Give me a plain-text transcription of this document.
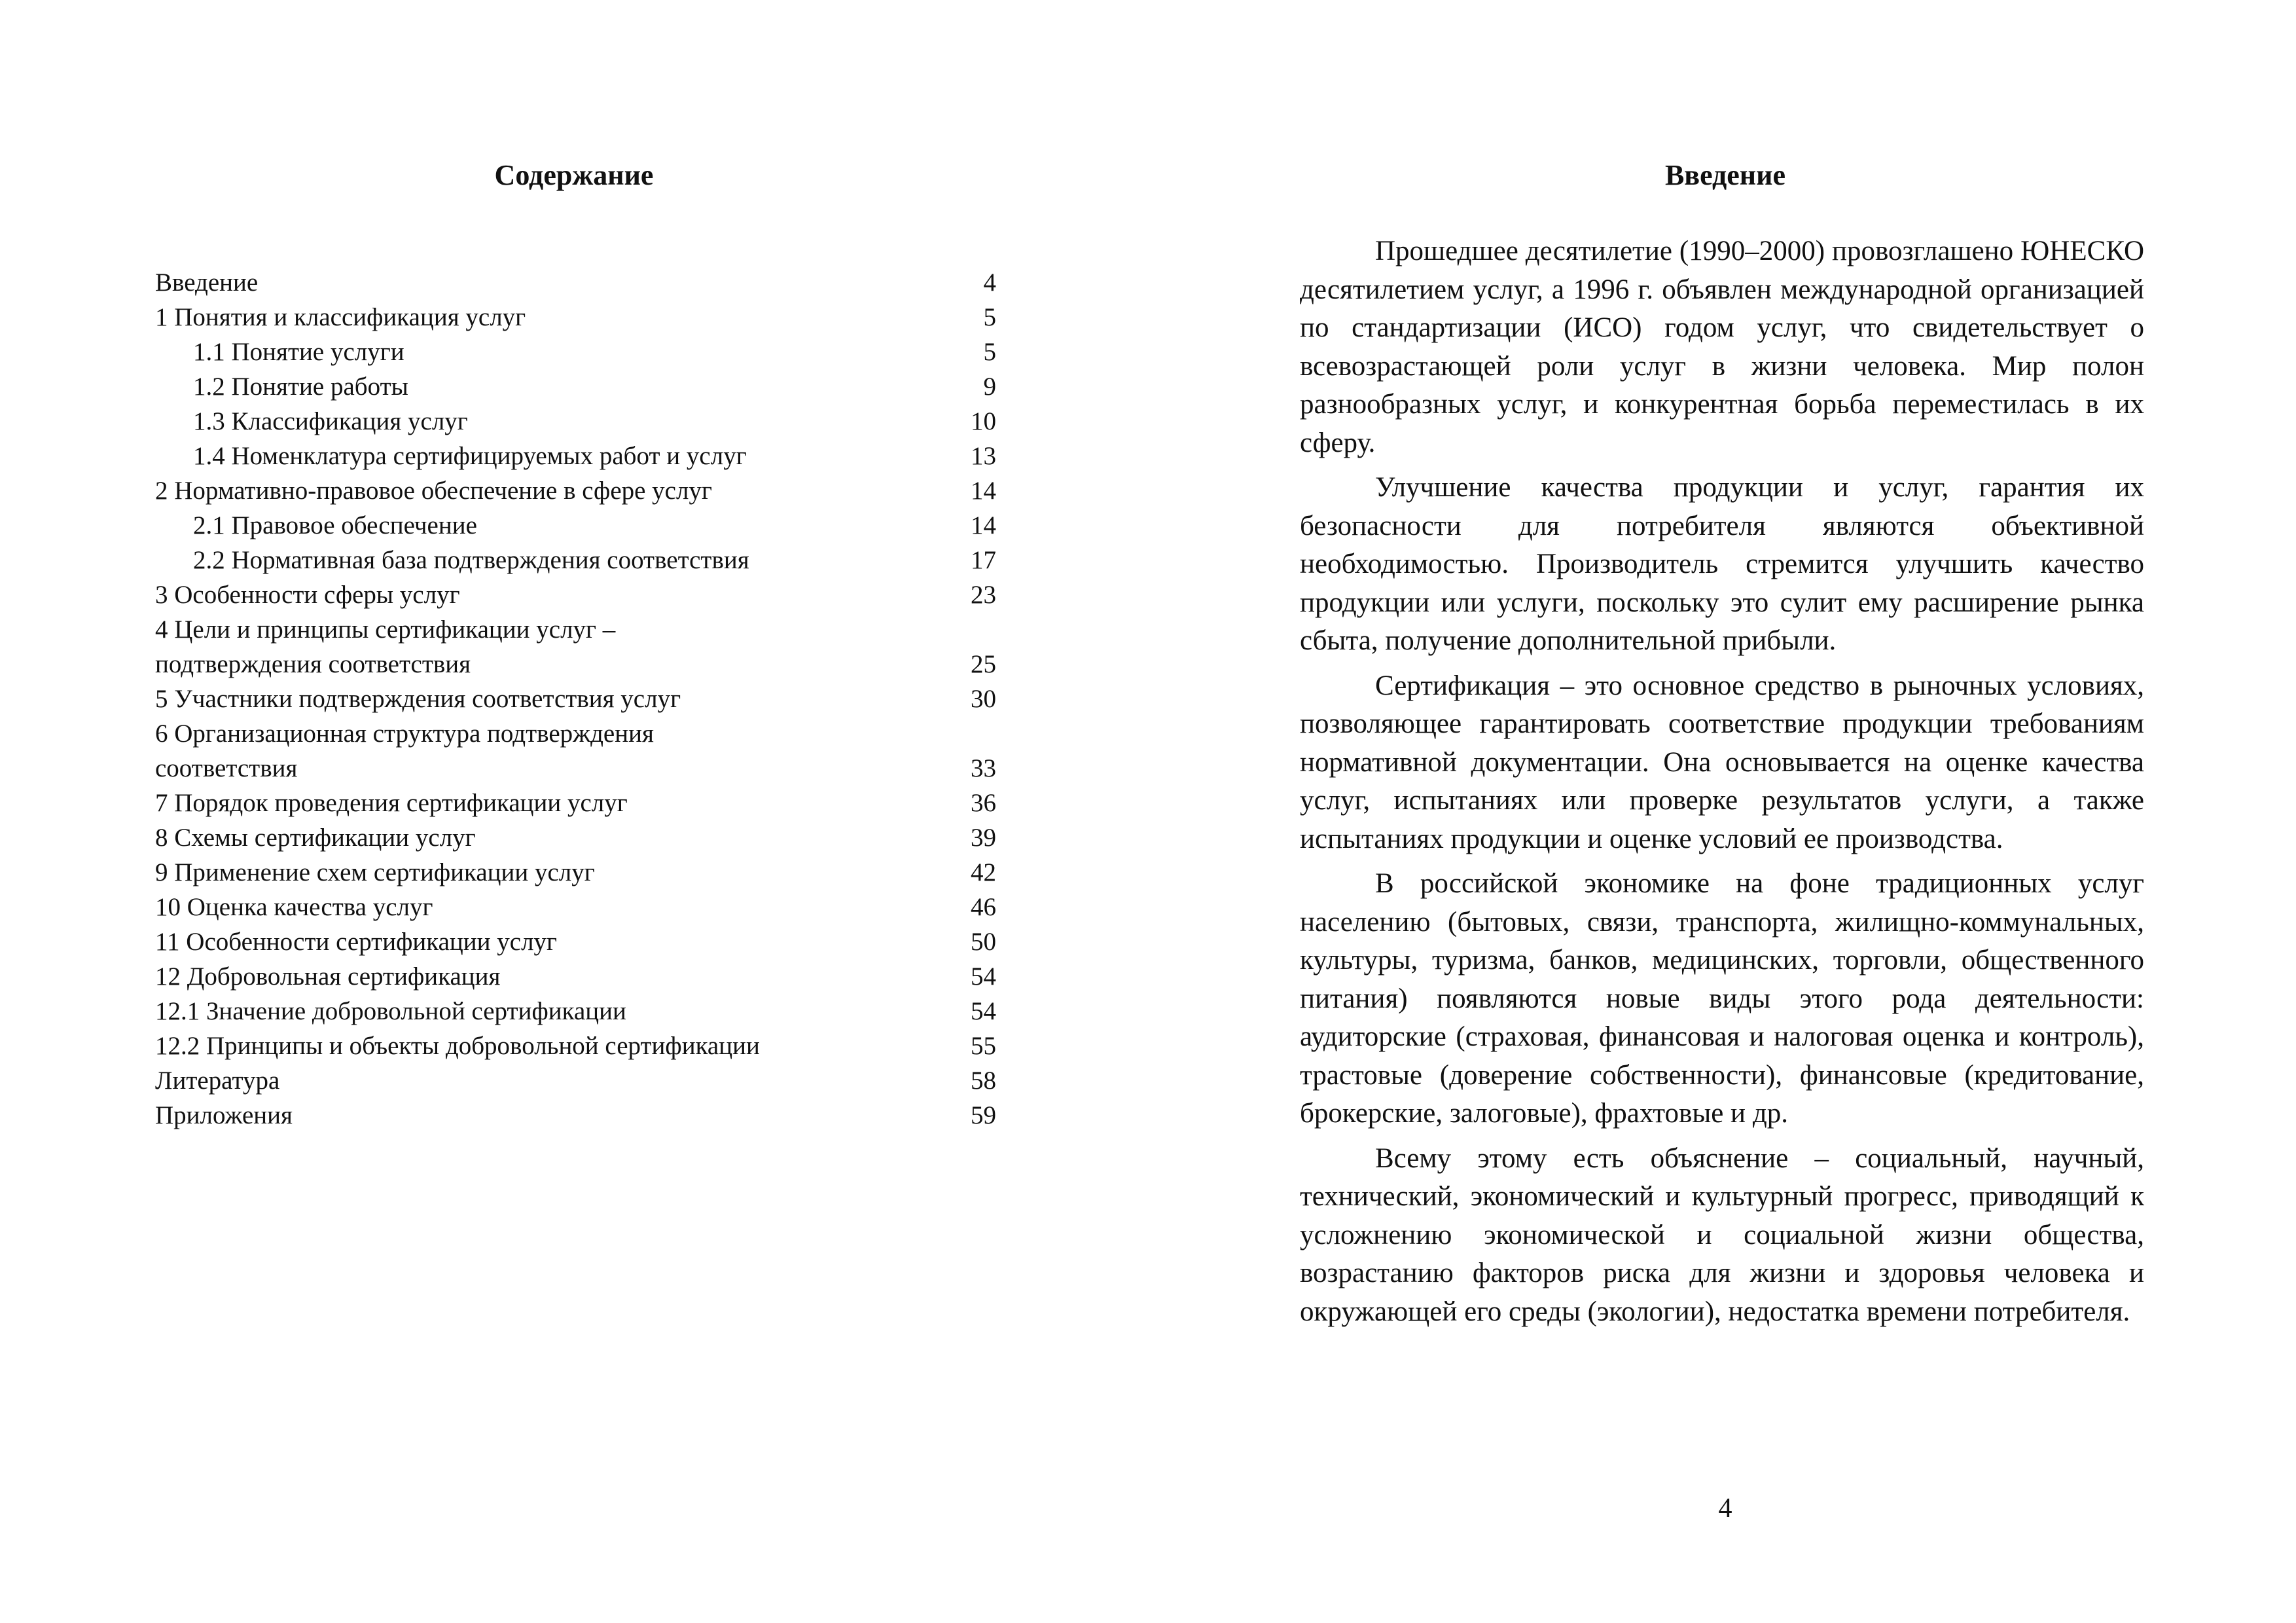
Содержание
Введение	4
1 Понятия и классификация услуг	5
1.1 Понятие услуги	5
1.2 Понятие работы	9
1.3 Классификация услуг	10
1.4 Номенклатура сертифицируемых работ и услуг	13
2 Нормативно-правовое обеспечение в сфере услуг	14
2.1 Правовое обеспечение	14
2.2 Нормативная база подтверждения соответствия	17
3 Особенности сферы услуг	23
4 Цели и принципы сертификации услуг –
подтверждения соответствия	25
5 Участники подтверждения соответствия услуг	30
6 Организационная структура подтверждения
соответствия	33
7 Порядок проведения сертификации услуг	36
8 Схемы сертификации услуг	39
9 Применение схем сертификации услуг	42
10 Оценка качества услуг	46
11 Особенности сертификации услуг	50
12 Добровольная сертификация	54
12.1 Значение добровольной сертификации	54
12.2 Принципы и объекты добровольной сертификации	55
Литература	58
Приложения	59
Введение

Прошедшее десятилетие (1990–2000) провозглашено ЮНЕСКО десятилетием услуг, а 1996 г. объявлен международной организацией по стандартизации (ИСО) годом услуг, что свидетельствует о всевозрастающей роли услуг в жизни человека. Мир полон разнообразных услуг, и конкурентная борьба переместилась в их сферу.

Улучшение качества продукции и услуг, гарантия их безопасности для потребителя являются объективной необходимостью. Производитель стремится улучшить качество продукции или услуги, поскольку это сулит ему расширение рынка сбыта, получение дополнительной прибыли.

Сертификация – это основное средство в рыночных условиях, позволяющее гарантировать соответствие продукции требованиям нормативной документации. Она основывается на оценке качества услуг, испытаниях или проверке результатов услуги, а также испытаниях продукции и оценке условий ее производства.

В российской экономике на фоне традиционных услуг населению (бытовых, связи, транспорта, жилищно-коммунальных, культуры, туризма, банков, медицинских, торговли, общественного питания) появляются новые виды этого рода деятельности: аудиторские (страховая, финансовая и налоговая оценка и контроль), трастовые (доверение собственности), финансовые (кредитование, брокерские, залоговые), фрахтовые и др.

Всему этому есть объяснение – социальный, научный, технический, экономический и культурный прогресс, приводящий к усложнению экономической и социальной жизни общества, возрастанию факторов риска для жизни и здоровья человека и окружающей его среды (экологии), недостатка времени потребителя.

4
